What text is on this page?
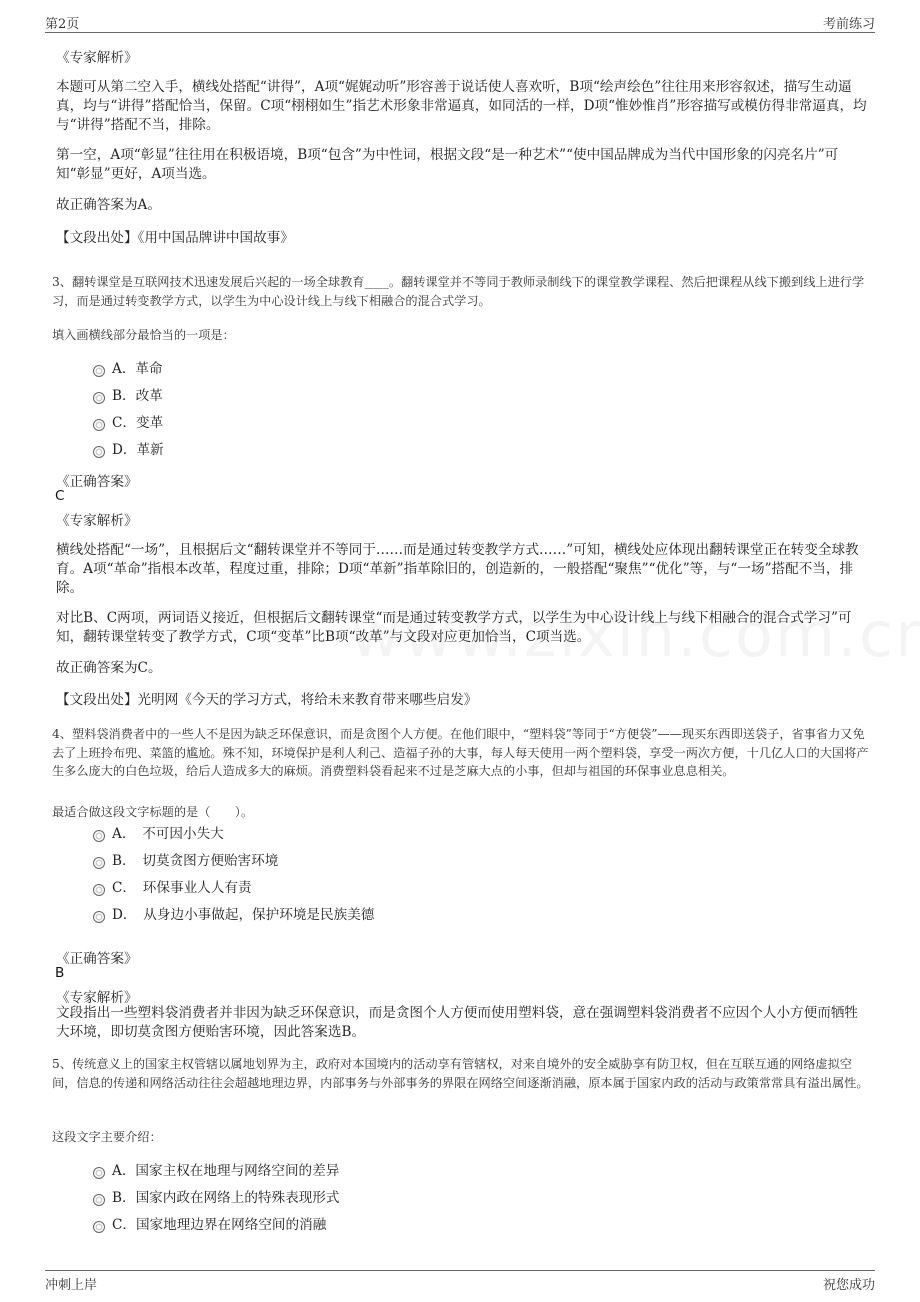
第2页	考前练习
《专家解析》
本题可从第二空入手，横线处搭配“讲得”，A项“娓娓动听”形容善于说话使人喜欢听，B项“绘声绘色”往往用来形容叙述，描写生动逼真，均与“讲得”搭配恰当，保留。C项“栩栩如生”指艺术形象非常逼真，如同活的一样，D项“惟妙惟肖”形容描写或模仿得非常逼真，均与“讲得”搭配不当，排除。
第一空，A项“彰显”往往用在积极语境，B项“包含”为中性词，根据文段“是一种艺术”“使中国品牌成为当代中国形象的闪亮名片”可知“彰显”更好，A项当选。
故正确答案为A。
【文段出处】《用中国品牌讲中国故事》
3、翻转课堂是互联网技术迅速发展后兴起的一场全球教育____。翻转课堂并不等同于教师录制线下的课堂教学课程、然后把课程从线下搬到线上进行学习，而是通过转变教学方式，以学生为中心设计线上与线下相融合的混合式学习。
填入画横线部分最恰当的一项是：
A．革命
B．改革
C．变革
D．革新
《正确答案》
C
《专家解析》
横线处搭配“一场”，且根据后文“翻转课堂并不等同于……而是通过转变教学方式……”可知，横线处应体现出翻转课堂正在转变全球教育。A项“革命”指根本改革，程度过重，排除；D项“革新”指革除旧的，创造新的，一般搭配“聚焦”“优化”等，与“一场”搭配不当，排除。
对比B、C两项，两词语义接近，但根据后文翻转课堂“而是通过转变教学方式，以学生为中心设计线上与线下相融合的混合式学习”可知，翻转课堂转变了教学方式，C项“变革”比B项“改革”与文段对应更加恰当，C项当选。
故正确答案为C。
【文段出处】光明网《今天的学习方式，将给未来教育带来哪些启发》
4、塑料袋消费者中的一些人不是因为缺乏环保意识，而是贪图个人方便。在他们眼中，“塑料袋”等同于“方便袋”——现买东西即送袋子，省事省力又免去了上班拎布兜、菜篮的尴尬。殊不知，环境保护是利人利己、造福子孙的大事，每人每天使用一两个塑料袋，享受一两次方便，十几亿人口的大国将产生多么庞大的白色垃圾，给后人造成多大的麻烦。消费塑料袋看起来不过是芝麻大点的小事，但却与祖国的环保事业息息相关。
最适合做这段文字标题的是（　　）。
A．　不可因小失大
B．　切莫贪图方便贻害环境
C．　环保事业人人有责
D．　从身边小事做起，保护环境是民族美德
《正确答案》
B
《专家解析》
文段指出一些塑料袋消费者并非因为缺乏环保意识，而是贪图个人方便而使用塑料袋，意在强调塑料袋消费者不应因个人小方便而牺牲大环境，即切莫贪图方便贻害环境，因此答案选B。
5、传统意义上的国家主权管辖以属地划界为主，政府对本国境内的活动享有管辖权，对来自境外的安全威胁享有防卫权，但在互联互通的网络虚拟空间，信息的传递和网络活动往往会超越地理边界，内部事务与外部事务的界限在网络空间逐渐消融，原本属于国家内政的活动与政策常常具有溢出属性。
这段文字主要介绍：
A．国家主权在地理与网络空间的差异
B．国家内政在网络上的特殊表现形式
C．国家地理边界在网络空间的消融
冲刺上岸	祝您成功
